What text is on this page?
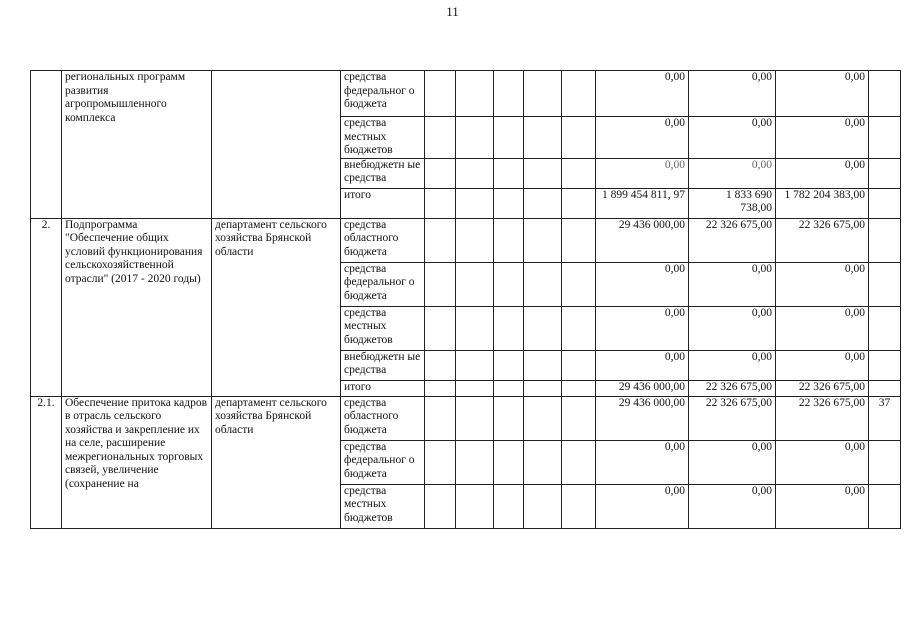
11
	региональных программ развития агропромышленного комплекса		средства федеральног о бюджета						0,00	0,00	0,00	
			средства местных бюджетов						0,00	0,00	0,00	
			внебюджетн ые средства						0,00	0,00	0,00	
			итого						1 899 454 811, 97	1 833 690 738,00	1 782 204 383,00	
2.	Подпрограмма "Обеспечение общих условий функционирования сельскохозяйственной отрасли" (2017 - 2020 годы)	департамент сельского хозяйства Брянской области	средства областного бюджета						29 436 000,00	22 326 675,00	22 326 675,00	
			средства федеральног о бюджета						0,00	0,00	0,00	
			средства местных бюджетов						0,00	0,00	0,00	
			внебюджетн ые средства						0,00	0,00	0,00	
			итого						29 436 000,00	22 326 675,00	22 326 675,00	
2.1.	Обеспечение притока кадров в отрасль сельского хозяйства и закрепление их на селе, расширение межрегиональных торговых связей, увеличение (сохранение на	департамент сельского хозяйства Брянской области	средства областного бюджета						29 436 000,00	22 326 675,00	22 326 675,00	37
			средства федеральног о бюджета						0,00	0,00	0,00	
			средства местных бюджетов						0,00	0,00	0,00	
